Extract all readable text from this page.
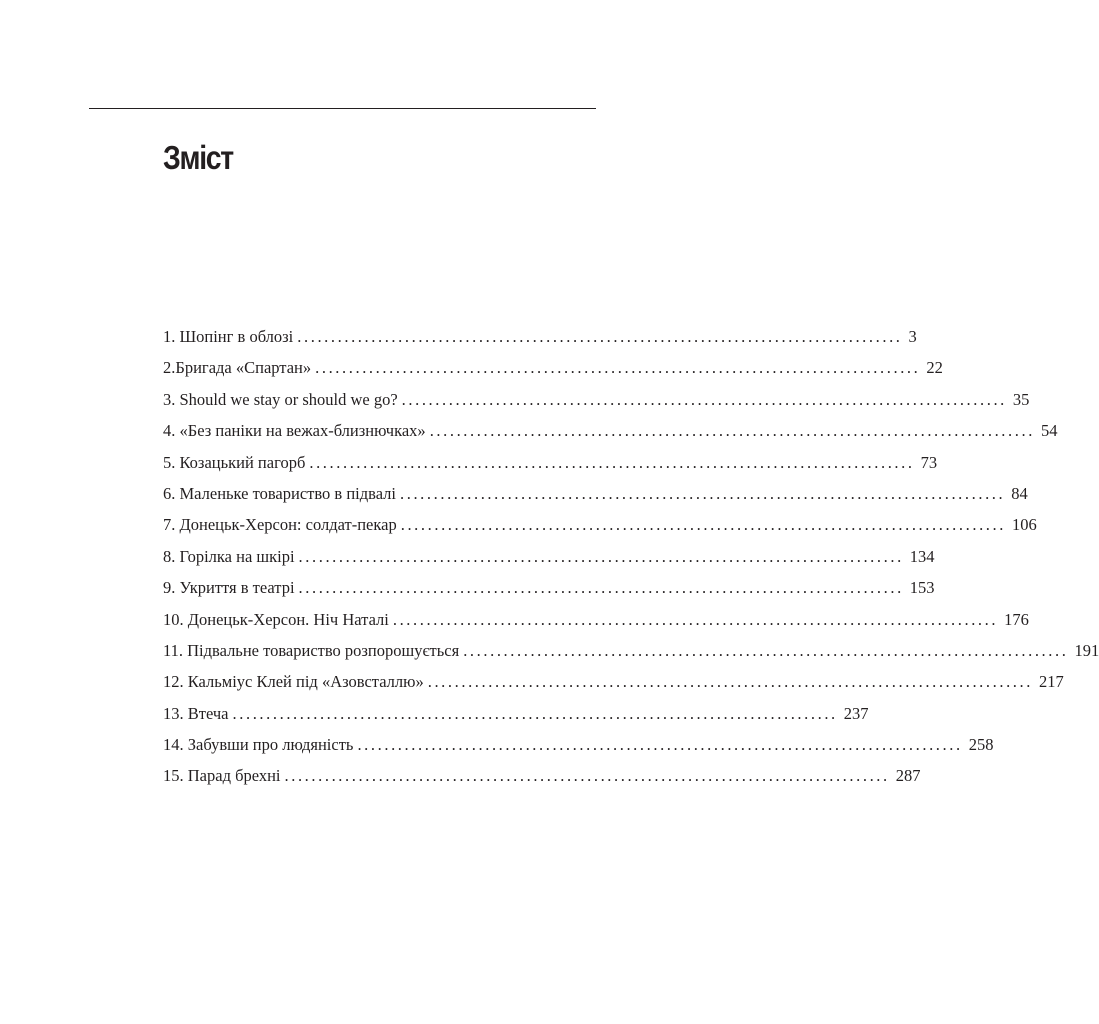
Зміст
1. Шопінг в облозі .......................................................................................... 3
2.Бригада «Спартан» .......................................................................................... 22
3. Should we stay or should we go? .......................................................................................... 35
4. «Без паніки на вежах-близнючках» .......................................................................................... 54
5. Козацький пагорб .......................................................................................... 73
6. Маленьке товариство в підвалі .......................................................................................... 84
7. Донецьк-Херсон: солдат-пекар .......................................................................................... 106
8. Горілка на шкірі .......................................................................................... 134
9. Укриття в театрі .......................................................................................... 153
10. Донецьк-Херсон. Ніч Наталі .......................................................................................... 176
11. Підвальне товариство розпорошується .......................................................................................... 191
12. Кальміус Клей під «Азовсталлю» .......................................................................................... 217
13. Втеча .......................................................................................... 237
14. Забувши про людяність .......................................................................................... 258
15. Парад брехні .......................................................................................... 287
